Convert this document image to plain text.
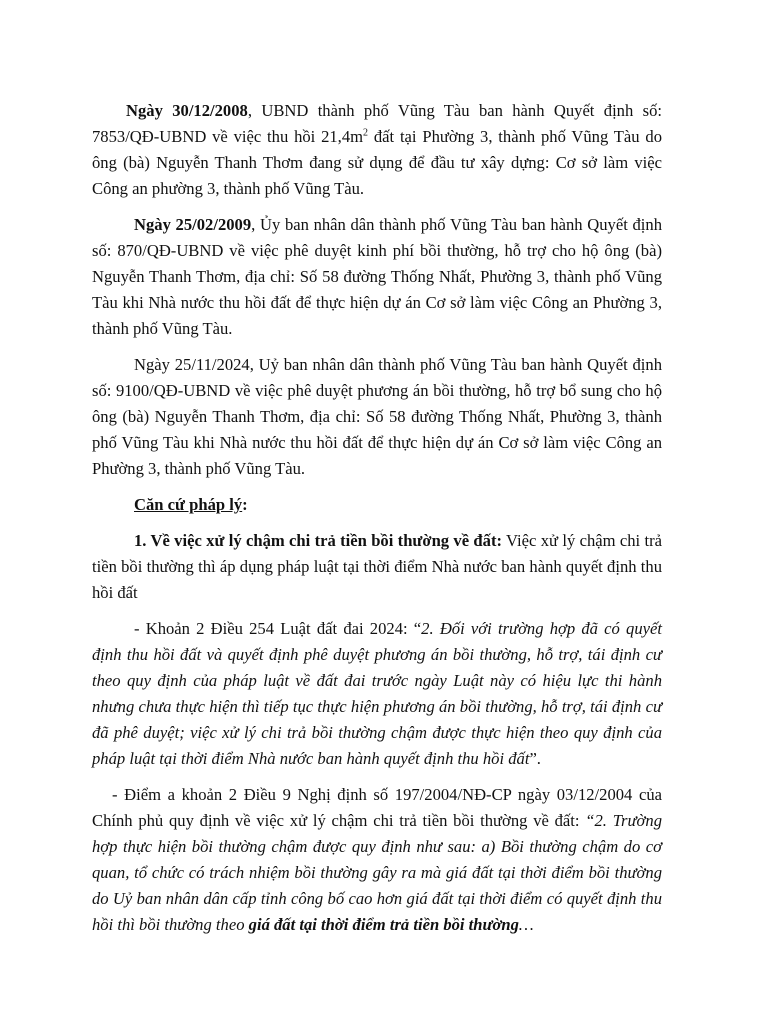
Ngày 30/12/2008, UBND thành phố Vũng Tàu ban hành Quyết định số: 7853/QĐ-UBND về việc thu hồi $21,4m^2$ đất tại Phường 3, thành phố Vũng Tàu do ông (bà) Nguyễn Thanh Thơm đang sử dụng để đầu tư xây dựng: Cơ sở làm việc Công an phường 3, thành phố Vũng Tàu.

Ngày 25/02/2009, Ủy ban nhân dân thành phố Vũng Tàu ban hành Quyết định số: 870/QĐ-UBND về việc phê duyệt kinh phí bồi thường, hỗ trợ cho hộ ông (bà) Nguyễn Thanh Thơm, địa chỉ: Số 58 đường Thống Nhất, Phường 3, thành phố Vũng Tàu khi Nhà nước thu hồi đất để thực hiện dự án Cơ sở làm việc Công an Phường 3, thành phố Vũng Tàu.

Ngày 25/11/2024, Uỷ ban nhân dân thành phố Vũng Tàu ban hành Quyết định số: 9100/QĐ-UBND về việc phê duyệt phương án bồi thường, hỗ trợ bổ sung cho hộ ông (bà) Nguyễn Thanh Thơm, địa chỉ: Số 58 đường Thống Nhất, Phường 3, thành phố Vũng Tàu khi Nhà nước thu hồi đất để thực hiện dự án Cơ sở làm việc Công an Phường 3, thành phố Vũng Tàu.

Căn cứ pháp lý:

1. Về việc xử lý chậm chi trả tiền bồi thường về đất: Việc xử lý chậm chi trả tiền bồi thường thì áp dụng pháp luật tại thời điểm Nhà nước ban hành quyết định thu hồi đất

- Khoản 2 Điều 254 Luật đất đai 2024: “2. Đối với trường hợp đã có quyết định thu hồi đất và quyết định phê duyệt phương án bồi thường, hỗ trợ, tái định cư theo quy định của pháp luật về đất đai trước ngày Luật này có hiệu lực thi hành nhưng chưa thực hiện thì tiếp tục thực hiện phương án bồi thường, hỗ trợ, tái định cư đã phê duyệt; việc xử lý chi trả bồi thường chậm được thực hiện theo quy định của pháp luật tại thời điểm Nhà nước ban hành quyết định thu hồi đất”.

- Điểm a khoản 2 Điều 9 Nghị định số 197/2004/NĐ-CP ngày 03/12/2004 của Chính phủ quy định về việc xử lý chậm chi trả tiền bồi thường về đất: “2. Trường hợp thực hiện bồi thường chậm được quy định như sau: a) Bồi thường chậm do cơ quan, tổ chức có trách nhiệm bồi thường gây ra mà giá đất tại thời điểm bồi thường do Uỷ ban nhân dân cấp tỉnh công bố cao hơn giá đất tại thời điểm có quyết định thu hồi thì bồi thường theo giá đất tại thời điểm trả tiền bồi thường…
